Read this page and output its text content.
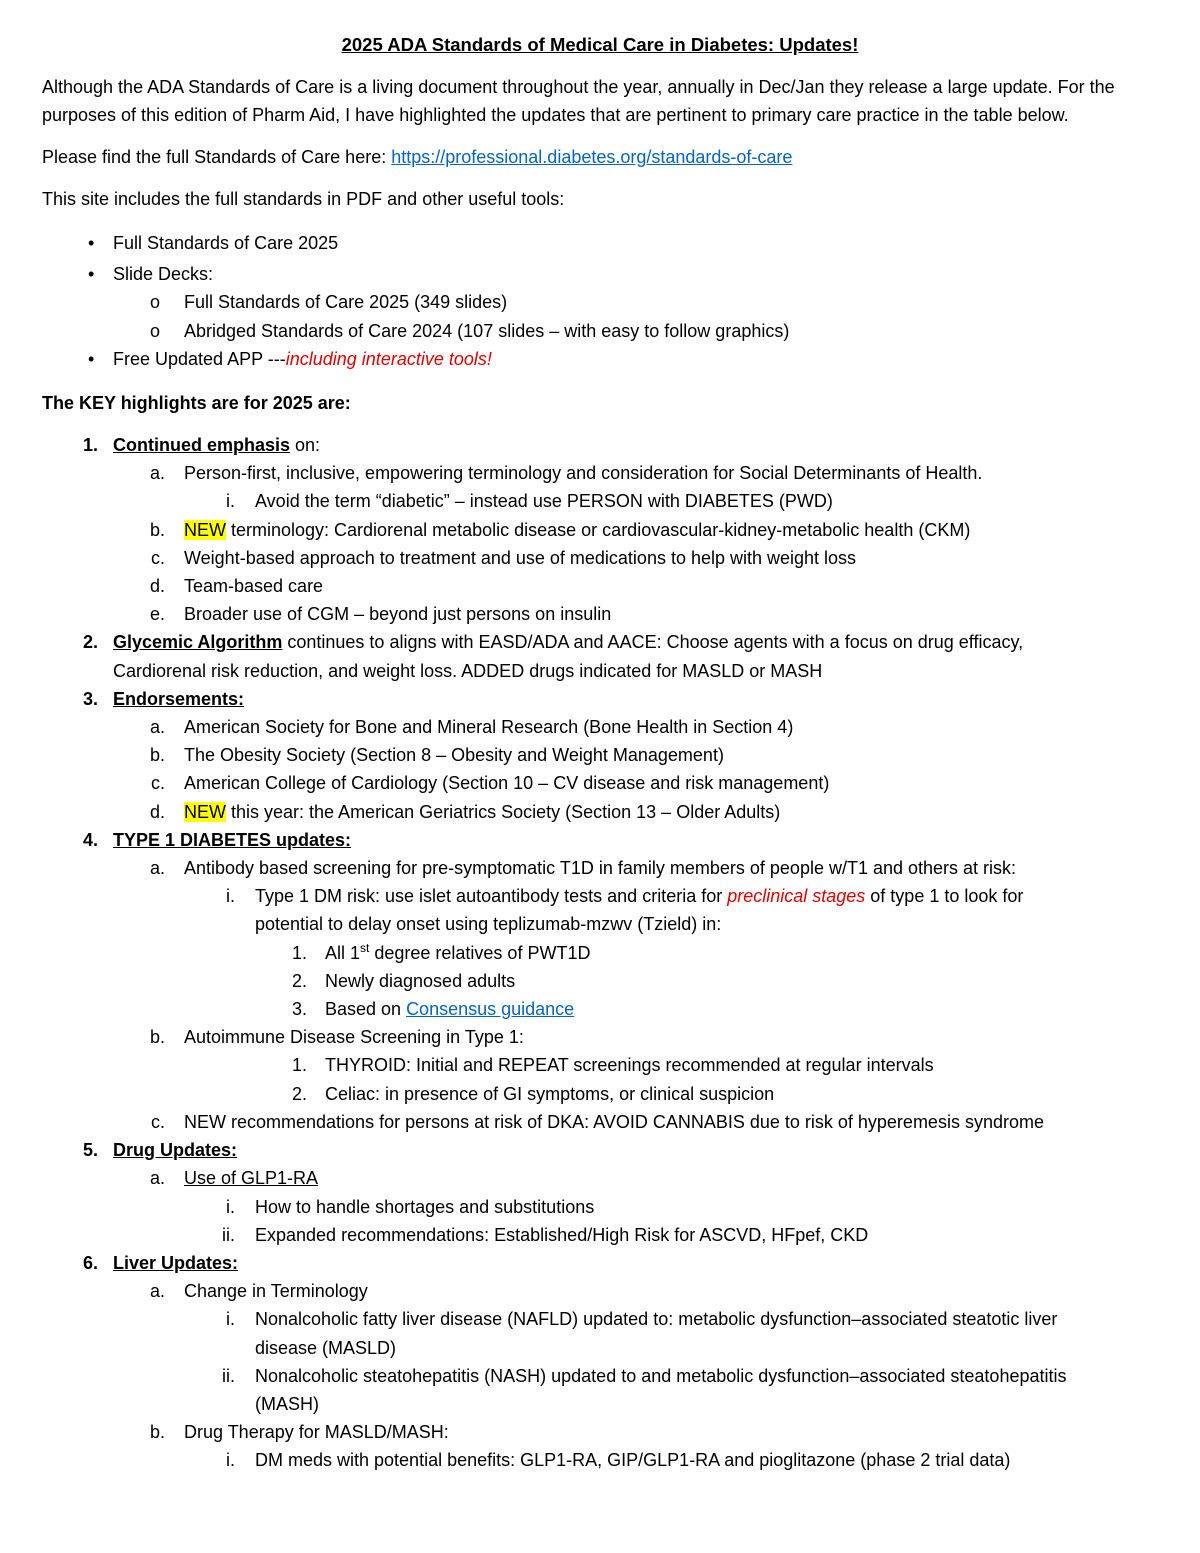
2025 ADA Standards of Medical Care in Diabetes: Updates!

Although the ADA Standards of Care is a living document throughout the year, annually in Dec/Jan they release a large update. For the purposes of this edition of Pharm Aid, I have highlighted the updates that are pertinent to primary care practice in the table below.

Please find the full Standards of Care here: https://professional.diabetes.org/standards-of-care

This site includes the full standards in PDF and other useful tools:

• Full Standards of Care 2025
• Slide Decks:
o Full Standards of Care 2025 (349 slides)
o Abridged Standards of Care 2024 (107 slides – with easy to follow graphics)
• Free Updated APP ---including interactive tools!

The KEY highlights are for 2025 are:

1. Continued emphasis on:
a. Person-first, inclusive, empowering terminology and consideration for Social Determinants of Health.
i. Avoid the term “diabetic” – instead use PERSON with DIABETES (PWD)
b. NEW terminology: Cardiorenal metabolic disease or cardiovascular-kidney-metabolic health (CKM)
c. Weight-based approach to treatment and use of medications to help with weight loss
d. Team-based care
e. Broader use of CGM – beyond just persons on insulin
2. Glycemic Algorithm continues to aligns with EASD/ADA and AACE: Choose agents with a focus on drug efficacy,
Cardiorenal risk reduction, and weight loss. ADDED drugs indicated for MASLD or MASH
3. Endorsements:
a. American Society for Bone and Mineral Research (Bone Health in Section 4)
b. The Obesity Society (Section 8 – Obesity and Weight Management)
c. American College of Cardiology (Section 10 – CV disease and risk management)
d. NEW this year: the American Geriatrics Society (Section 13 – Older Adults)
4. TYPE 1 DIABETES updates:
a. Antibody based screening for pre-symptomatic T1D in family members of people w/T1 and others at risk:
i. Type 1 DM risk: use islet autoantibody tests and criteria for preclinical stages of type 1 to look for
potential to delay onset using teplizumab-mzwv (Tzield) in:
1. All 1st degree relatives of PWT1D
2. Newly diagnosed adults
3. Based on Consensus guidance
b. Autoimmune Disease Screening in Type 1:
1. THYROID: Initial and REPEAT screenings recommended at regular intervals
2. Celiac: in presence of GI symptoms, or clinical suspicion
c. NEW recommendations for persons at risk of DKA: AVOID CANNABIS due to risk of hyperemesis syndrome
5. Drug Updates:
a. Use of GLP1-RA
i. How to handle shortages and substitutions
ii. Expanded recommendations: Established/High Risk for ASCVD, HFpef, CKD
6. Liver Updates:
a. Change in Terminology
i. Nonalcoholic fatty liver disease (NAFLD) updated to: metabolic dysfunction–associated steatotic liver
disease (MASLD)
ii. Nonalcoholic steatohepatitis (NASH) updated to and metabolic dysfunction–associated steatohepatitis
(MASH)
b. Drug Therapy for MASLD/MASH:
i. DM meds with potential benefits: GLP1-RA, GIP/GLP1-RA and pioglitazone (phase 2 trial data)
